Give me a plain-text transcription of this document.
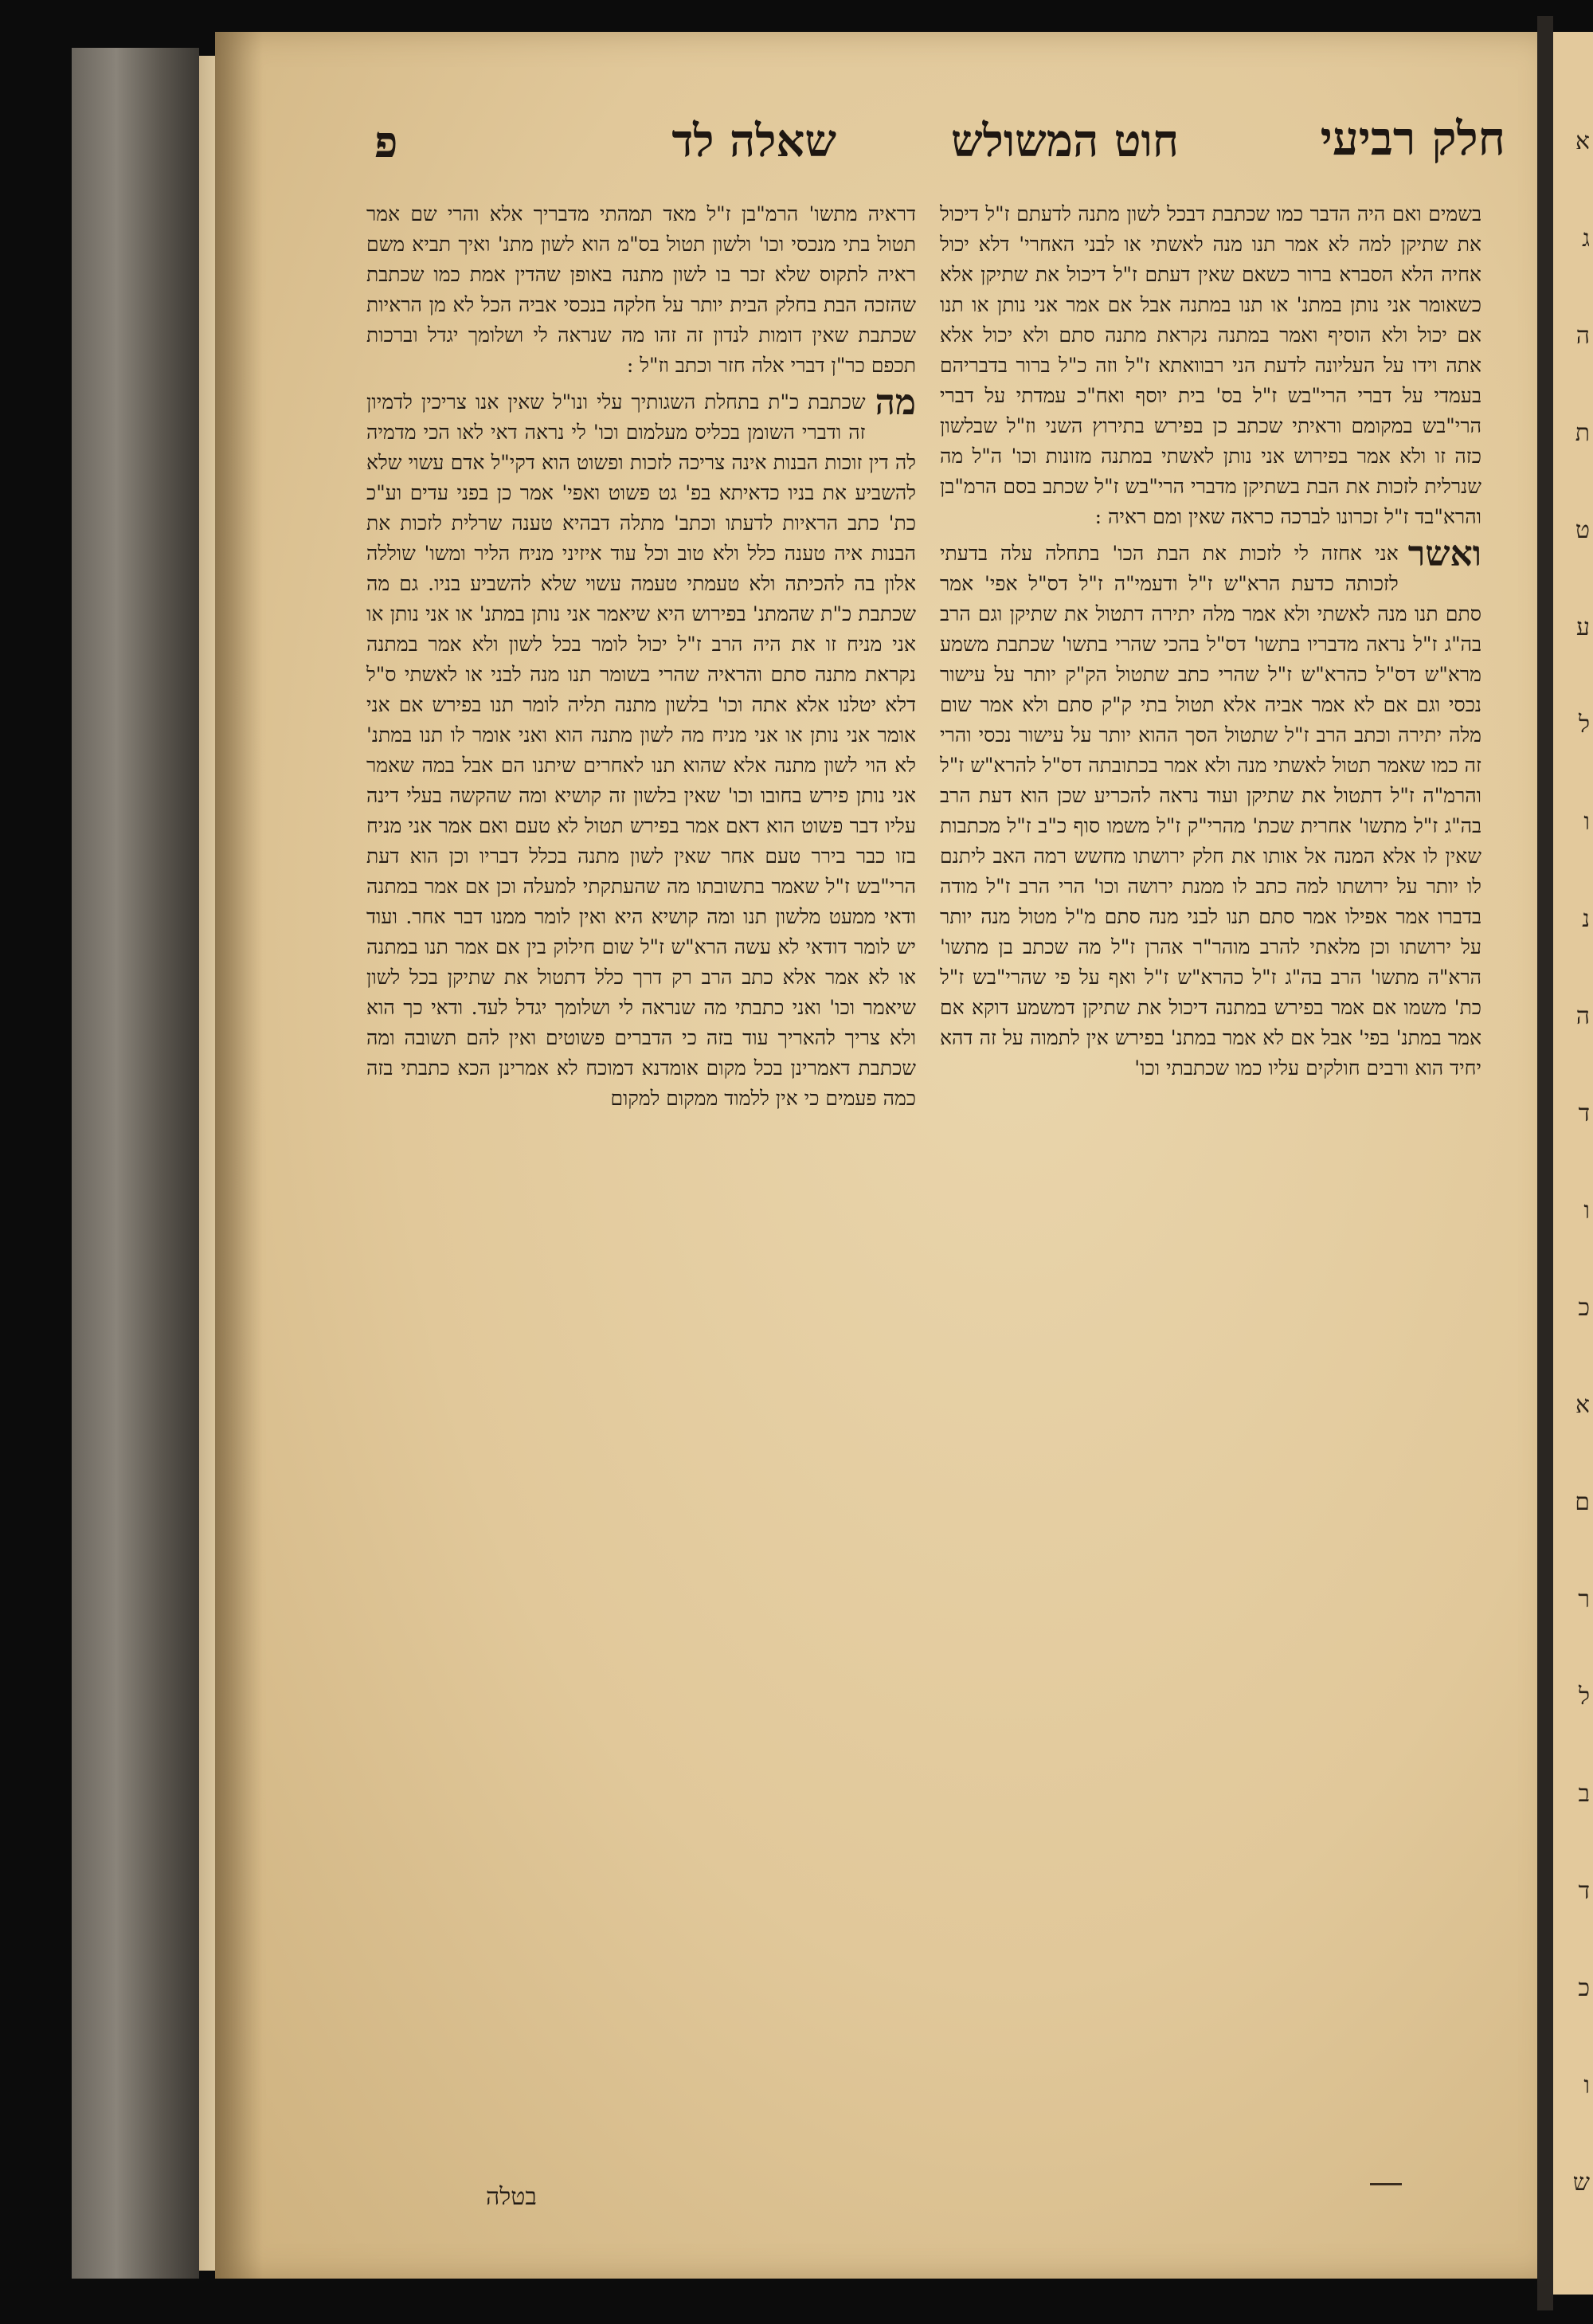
חלק רביעי
חוט המשולש
שאלה לד
פ

בשמים ואם היה הדבר כמו שכתבת דבכל לשון מתנה לדעתם ז"ל דיכול את שתיקן למה לא אמר תנו מנה לאשתי או לבני האחרי' דלא יכול אחיה הלא הסברא ברור כשאם שאין דעתם ז"ל דיכול את שתיקן אלא כשאומר אני נותן במתנ' או תנו במתנה אבל אם אמר אני נותן או תנו אם יכול ולא הוסיף ואמר במתנה נקראת מתנה סתם ולא יכול אלא אתה וידו על העליונה לדעת הני רבוואתא ז"ל וזה כ"ל ברור בדבריהם בעמדי על דברי הרי"בש ז"ל בס' בית יוסף ואח"כ עמדתי על דברי הרי"בש במקומם וראיתי שכתב כן בפירש בתירוץ השני וז"ל שבלשון כזה זו ולא אמר בפירוש אני נותן לאשתי במתנה מזונות וכו' ה"ל מה שנרלית לזכות את הבת בשתיקן מדברי הרי"בש ז"ל שכתב בסם הרמ"בן והרא"בד ז"ל זכרונו לברכה כראה שאין ומם ראיה :

ואשר
אני אחזה לי לזכות את הבת הכו' בתחלה עלה בדעתי לזכותה כדעת הרא"ש ז"ל ודעמי"ה ז"ל דס"ל אפי' אמר סתם תנו מנה לאשתי ולא אמר מלה יתירה דתטול את שתיקן וגם הרב בה"ג ז"ל נראה מדבריו בתשו' דס"ל בהכי שהרי בתשו' שכתבת משמע מרא"ש דס"ל כהרא"ש ז"ל שהרי כתב שתטול הק"ק יותר על עישור נכסי וגם אם לא אמר אביה אלא תטול בתי ק"ק סתם ולא אמר שום מלה יתירה וכתב הרב ז"ל שתטול הסך ההוא יותר על עישור נכסי והרי זה כמו שאמר תטול לאשתי מנה ולא אמר בכתובתה דס"ל להרא"ש ז"ל והרמ"ה ז"ל דתטול את שתיקן ועוד נראה להכריע שכן הוא דעת הרב בה"ג ז"ל מתשו' אחרית שכת' מהרי"ק ז"ל משמו סוף כ"ב ז"ל מכתבות שאין לו אלא המנה אל אותו את חלק ירושתו מחשש רמה האב ליתנם לו יותר על ירושתו למה כתב לו ממנת ירושה וכו' הרי הרב ז"ל מודה בדברו אמר אפילו אמר סתם תנו לבני מנה סתם מ"ל מטול מנה יותר על ירושתו וכן מלאתי להרב מוהר"ר אהרן ז"ל מה שכתב בן מתשו' הרא"ה מתשו' הרב בה"ג ז"ל כהרא"ש ז"ל ואף על פי שהרי"בש ז"ל כת' משמו אם אמר בפירש במתנה דיכול את שתיקן דמשמע דוקא אם אמר במתנ' בפי' אבל אם לא אמר במתנ' בפירש אין לתמוה על זה דהא יחיד הוא ורבים חולקים עליו כמו שכתבתי וכו'

דראיה מתשו' הרמ"בן ז"ל מאד תמהתי מדבריך אלא והרי שם אמר תטול בתי מנכסי וכו' ולשון תטול בס"מ הוא לשון מתנ' ואיך תביא משם ראיה לתקוס שלא זכר בו לשון מתנה באופן שהדין אמת כמו שכתבת שהזכה הבת בחלק הבית יותר על חלקה בנכסי אביה הכל לא מן הראיות שכתבת שאין דומות לנדון זה זהו מה שנראה לי ושלומך יגדל וברכות תכפם כר"ן דברי אלה חזר וכתב וז"ל :

מה
שכתבת כ"ת בתחלת השגותיך עלי ונו"ל שאין אנו צריכין לדמיון זה ודברי השומן בכליס מעלמום וכו' לי נראה דאי לאו הכי מדמיה לה דין זוכות הבנות אינה צריכה לזכות ופשוט הוא דקי"ל אדם עשוי שלא להשביע את בניו כדאיתא בפ' גט פשוט ואפי' אמר כן בפני עדים וע"כ כת' כתב הראיות לדעתו וכתב' מתלה דבהיא טענה שרלית לזכות את הבנות איה טענה כלל ולא טוב וכל עוד איזיני מניח הליר ומשו' שוללה אלון בה להכיתה ולא טעמתי טעמה עשוי שלא להשביע בניו. גם מה שכתבת כ"ת שהמתנ' בפירוש היא שיאמר אני נותן במתנ' או אני נותן או אני מניח זו את היה הרב ז"ל יכול לומר בכל לשון ולא אמר במתנה נקראת מתנה סתם והראיה שהרי בשומר תנו מנה לבני או לאשתי ס"ל דלא יטלנו אלא אתה וכו' בלשון מתנה תליה לומר תנו בפירש אם אני אומר אני נותן או אני מניח מה לשון מתנה הוא ואני אומר לו תנו במתנ' לא הוי לשון מתנה אלא שהוא תנו לאחרים שיתנו הם אבל במה שאמר אני נותן פירש בחובו וכו' שאין בלשון זה קושיא ומה שהקשה בעלי דינה עליו דבר פשוט הוא דאם אמר בפירש תטול לא טעם ואם אמר אני מניח בזו כבר בירר טעם אחר שאין לשון מתנה בכלל דבריו וכן הוא דעת הרי"בש ז"ל שאמר בתשובתו מה שהעתקתי למעלה וכן אם אמר במתנה ודאי ממעט מלשון תנו ומה קושיא היא ואין לומר ממנו דבר אחר. ועוד יש לומר דודאי לא עשה הרא"ש ז"ל שום חילוק בין אם אמר תנו במתנה או לא אמר אלא כתב הרב רק דרך כלל דתטול את שתיקן בכל לשון שיאמר וכו' ואני כתבתי מה שנראה לי ושלומך יגדל לעד. ודאי כך הוא ולא צריך להאריך עוד בזה כי הדברים פשוטים ואין להם תשובה ומה שכתבת דאמרינן בכל מקום אומדנא דמוכח לא אמרינן הכא כתבתי בזה כמה פעמים כי אין ללמוד ממקום למקום
בטלה
א
ג
ה
ת
ט
ע
ל
ו
נ
ה
ד
ו
כ
א
ם
ר
ל
ב
ד
כ
ו
ש
